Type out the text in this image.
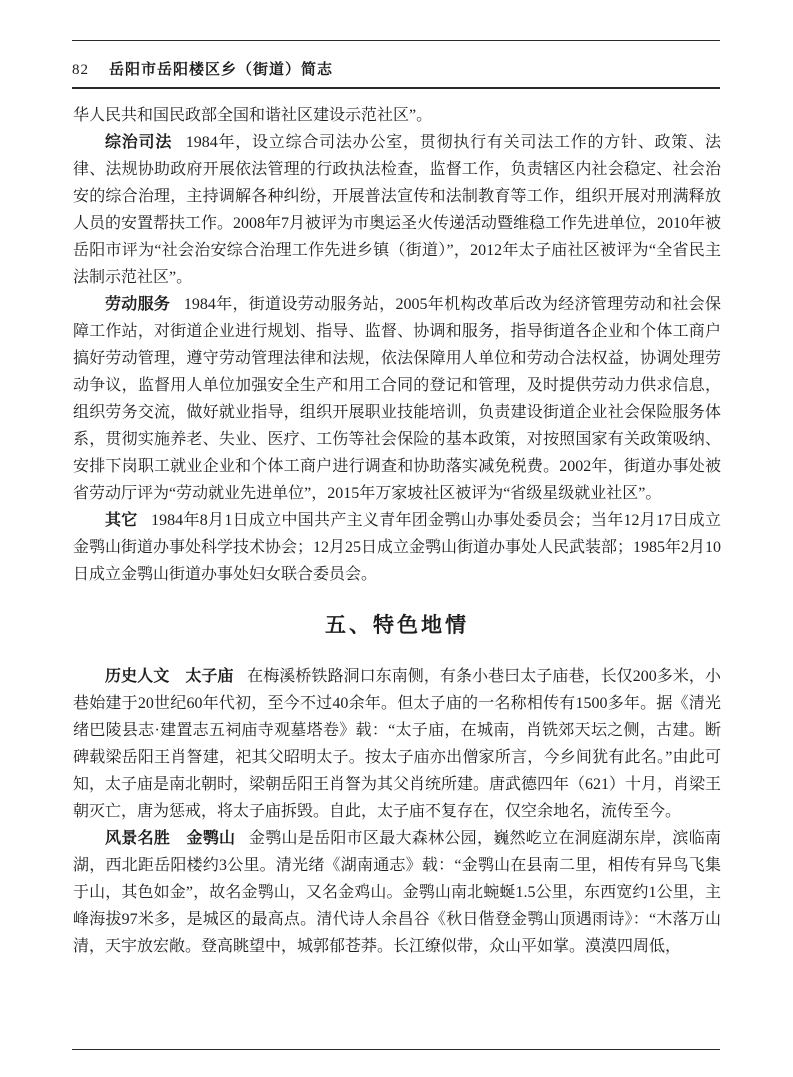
82 岳阳市岳阳楼区乡（街道）简志

华人民共和国民政部全国和谐社区建设示范社区”。

综治司法 1984年，设立综合司法办公室，贯彻执行有关司法工作的方针、政策、法律、法规协助政府开展依法管理的行政执法检查，监督工作，负责辖区内社会稳定、社会治安的综合治理，主持调解各种纠纷，开展普法宣传和法制教育等工作，组织开展对刑满释放人员的安置帮扶工作。2008年7月被评为市奥运圣火传递活动暨维稳工作先进单位，2010年被岳阳市评为“社会治安综合治理工作先进乡镇（街道）”，2012年太子庙社区被评为“全省民主法制示范社区”。

劳动服务 1984年，街道设劳动服务站，2005年机构改革后改为经济管理劳动和社会保障工作站，对街道企业进行规划、指导、监督、协调和服务，指导街道各企业和个体工商户搞好劳动管理，遵守劳动管理法律和法规，依法保障用人单位和劳动合法权益，协调处理劳动争议，监督用人单位加强安全生产和用工合同的登记和管理，及时提供劳动力供求信息，组织劳务交流，做好就业指导，组织开展职业技能培训，负责建设街道企业社会保险服务体系，贯彻实施养老、失业、医疗、工伤等社会保险的基本政策，对按照国家有关政策吸纳、安排下岗职工就业企业和个体工商户进行调查和协助落实减免税费。2002年，街道办事处被省劳动厅评为“劳动就业先进单位”，2015年万家坡社区被评为“省级星级就业社区”。

其它 1984年8月1日成立中国共产主义青年团金鹗山办事处委员会；当年12月17日成立金鹗山街道办事处科学技术协会；12月25日成立金鹗山街道办事处人民武装部；1985年2月10日成立金鹗山街道办事处妇女联合委员会。

五、特色地情

历史人文　太子庙 在梅溪桥铁路洞口东南侧，有条小巷曰太子庙巷，长仅200多米，小巷始建于20世纪60年代初，至今不过40余年。但太子庙的一名称相传有1500多年。据《清光绪巴陵县志·建置志五祠庙寺观墓塔卷》载：“太子庙，在城南，肖铣郊天坛之侧，古建。断碑载梁岳阳王肖詧建，祀其父昭明太子。按太子庙亦出僧家所言，今乡间犹有此名。”由此可知，太子庙是南北朝时，梁朝岳阳王肖詧为其父肖统所建。唐武德四年（621）十月，肖梁王朝灭亡，唐为惩戒，将太子庙拆毁。自此，太子庙不复存在，仅空余地名，流传至今。

风景名胜　金鹗山 金鹗山是岳阳市区最大森林公园，巍然屹立在洞庭湖东岸，滨临南湖，西北距岳阳楼约3公里。清光绪《湖南通志》载：“金鹗山在县南二里，相传有异鸟飞集于山，其色如金”，故名金鹗山，又名金鸡山。金鹗山南北蜿蜒1.5公里，东西宽约1公里，主峰海拔97米多，是城区的最高点。清代诗人余昌谷《秋日偕登金鹗山顶遇雨诗》：“木落万山清，天宇放宏敞。登高眺望中，城郭郁苍莽。长江缭似带，众山平如掌。漠漠四周低，
